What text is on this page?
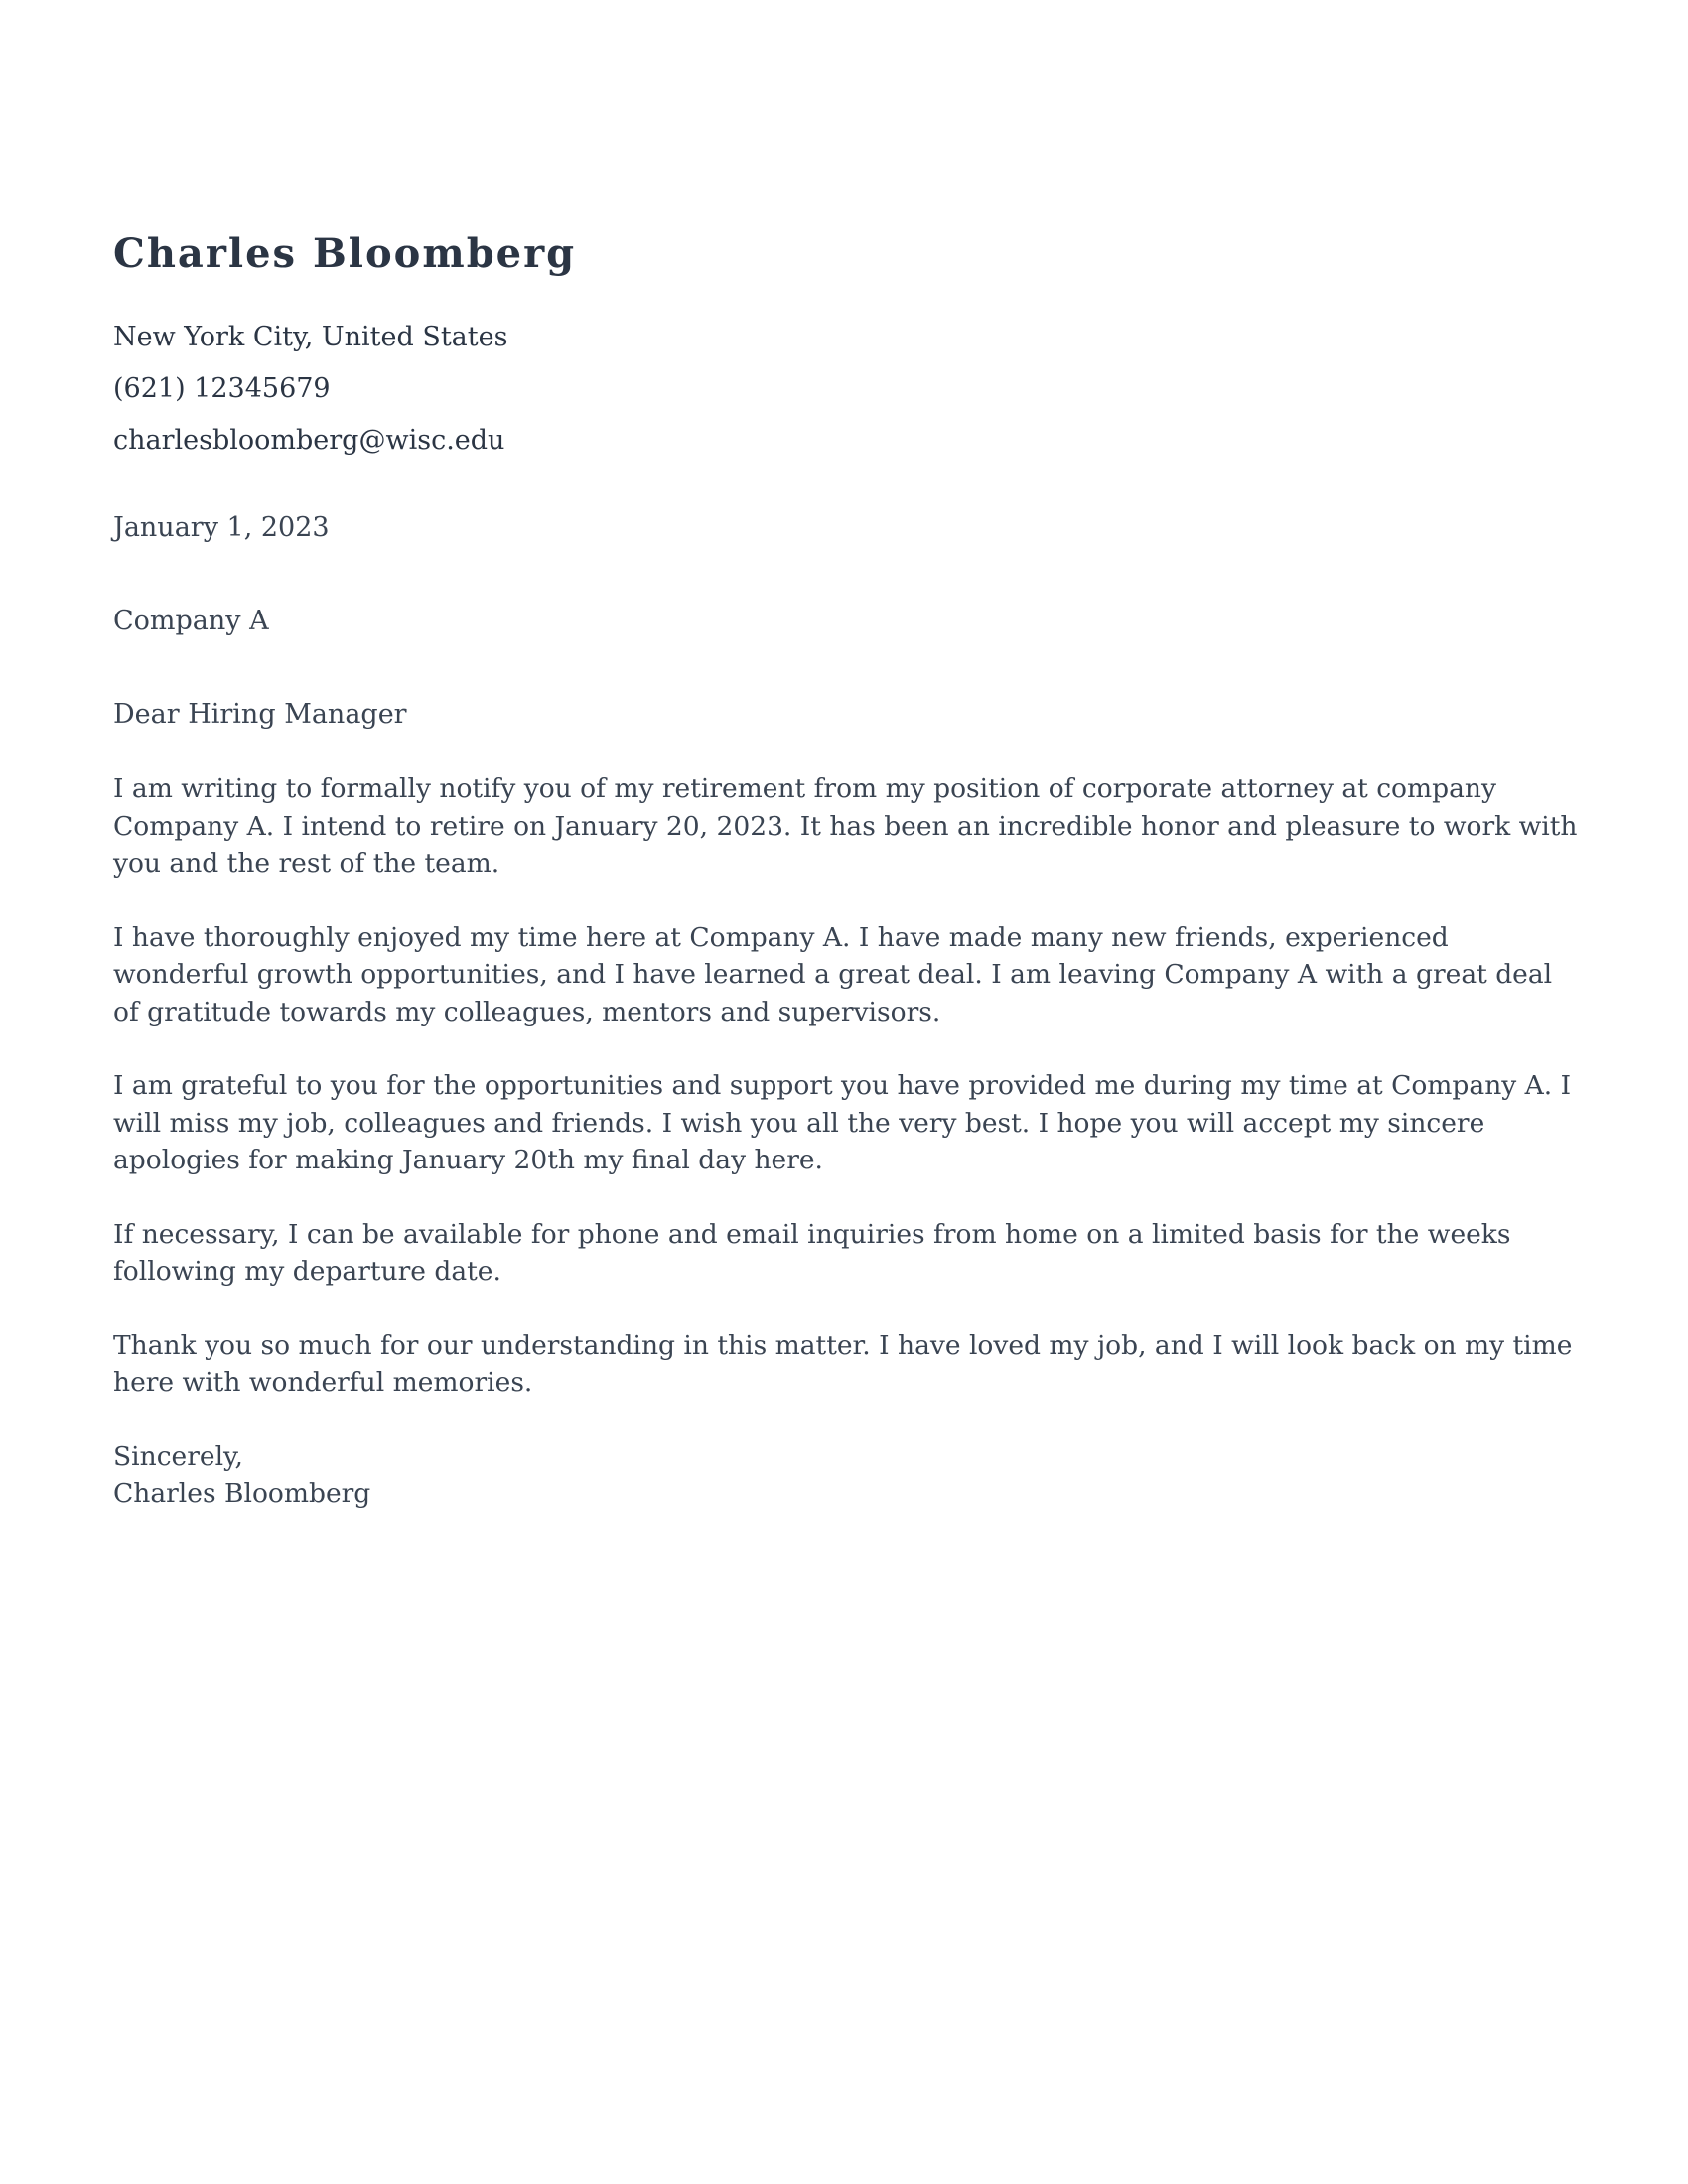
Charles Bloomberg
New York City, United States
(621) 12345679
charlesbloomberg@wisc.edu
January 1, 2023
Company A
Dear Hiring Manager

I am writing to formally notify you of my retirement from my position of corporate attorney at company Company A. I intend to retire on January 20, 2023. It has been an incredible honor and pleasure to work with you and the rest of the team.

I have thoroughly enjoyed my time here at Company A. I have made many new friends, experienced wonderful growth opportunities, and I have learned a great deal. I am leaving Company A with a great deal of gratitude towards my colleagues, mentors and supervisors.

I am grateful to you for the opportunities and support you have provided me during my time at Company A. I will miss my job, colleagues and friends. I wish you all the very best. I hope you will accept my sincere apologies for making January 20th my final day here.

If necessary, I can be available for phone and email inquiries from home on a limited basis for the weeks following my departure date.

Thank you so much for our understanding in this matter. I have loved my job, and I will look back on my time here with wonderful memories.

Sincerely,
Charles Bloomberg
